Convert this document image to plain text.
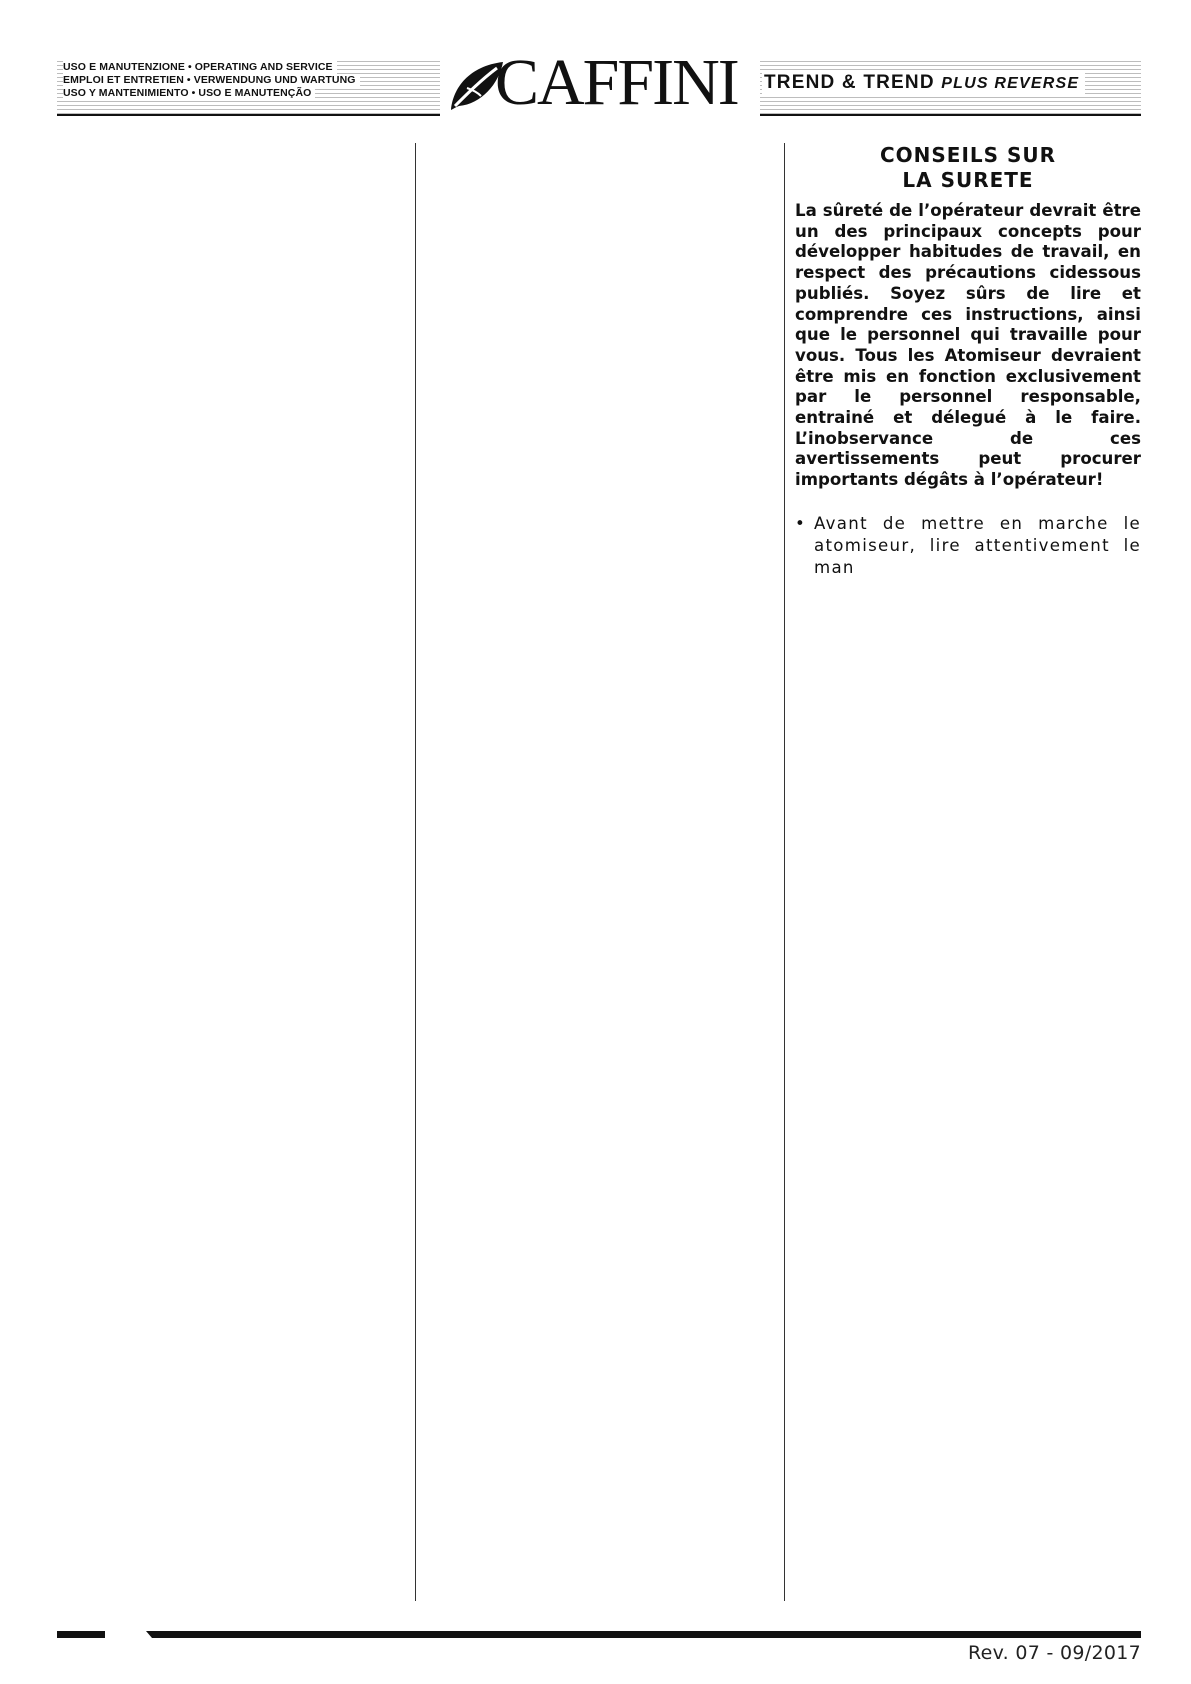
USO E MANUTENZIONE • OPERATING AND SERVICE
EMPLOI ET ENTRETIEN • VERWENDUNG UND WARTUNG
USO Y MANTENIMIENTO • USO E MANUTENÇÃO	CAFFINI TREND & TREND PLUS REVERSE
CONSEILS SUR
LA SURETE

La sûreté de l’opérateur devrait être un des principaux concepts pour développer habitudes de travail, en respect des précautions cidessous publiés. Soyez sûrs de lire et comprendre ces instructions, ainsi que le personnel qui travaille pour vous. Tous les Atomiseur devraient être mis en fonction exclusivement par le personnel responsable, entrainé et délegué à le faire. L’inobservance de ces avertissements peut procurer importants dégâts à l’opérateur!

• Avant de mettre en marche le atomiseur, lire attentivement le man
Rev. 07 - 09/2017
